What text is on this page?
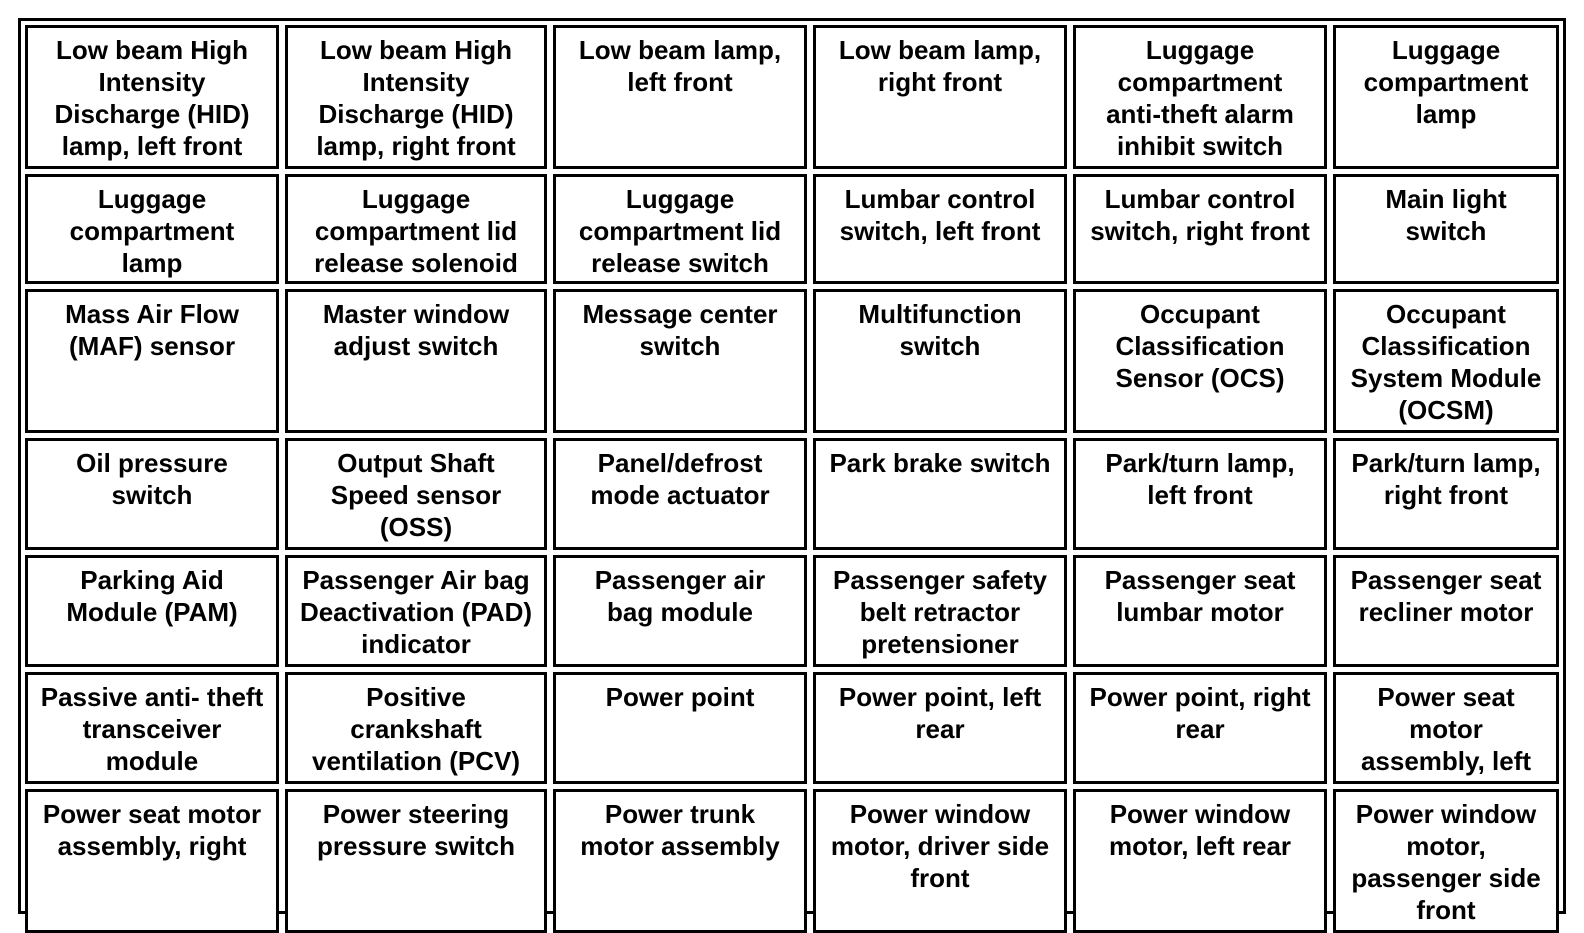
Low beam High
Intensity
Discharge (HID)
lamp, left front
Low beam High
Intensity
Discharge (HID)
lamp, right front
Low beam lamp,
left front
Low beam lamp,
right front
Luggage
compartment
anti-theft alarm
inhibit switch
Luggage
compartment
lamp
Luggage
compartment
lamp
Luggage
compartment lid
release solenoid
Luggage
compartment lid
release switch
Lumbar control
switch, left front
Lumbar control
switch, right front
Main light
switch
Mass Air Flow
(MAF) sensor
Master window
adjust switch
Message center
switch
Multifunction
switch
Occupant
Classification
Sensor (OCS)
Occupant
Classification
System Module
(OCSM)
Oil pressure
switch
Output Shaft
Speed sensor
(OSS)
Panel/defrost
mode actuator
Park brake switch	Park/turn lamp,
left front
Park/turn lamp,
right front
Parking Aid
Module (PAM)
Passenger Air bag
Deactivation (PAD)
indicator
Passenger air
bag module
Passenger safety
belt retractor
pretensioner
Passenger seat
lumbar motor
Passenger seat
recliner motor
Passive anti- theft
transceiver
module
Positive
crankshaft
ventilation (PCV)
Power point	Power point, left
rear
Power point, right
rear
Power seat
motor
assembly, left
Power seat motor
assembly, right
Power steering
pressure switch
Power trunk
motor assembly
Power window
motor, driver side
front
Power window
motor, left rear
Power window
motor,
passenger side
front
